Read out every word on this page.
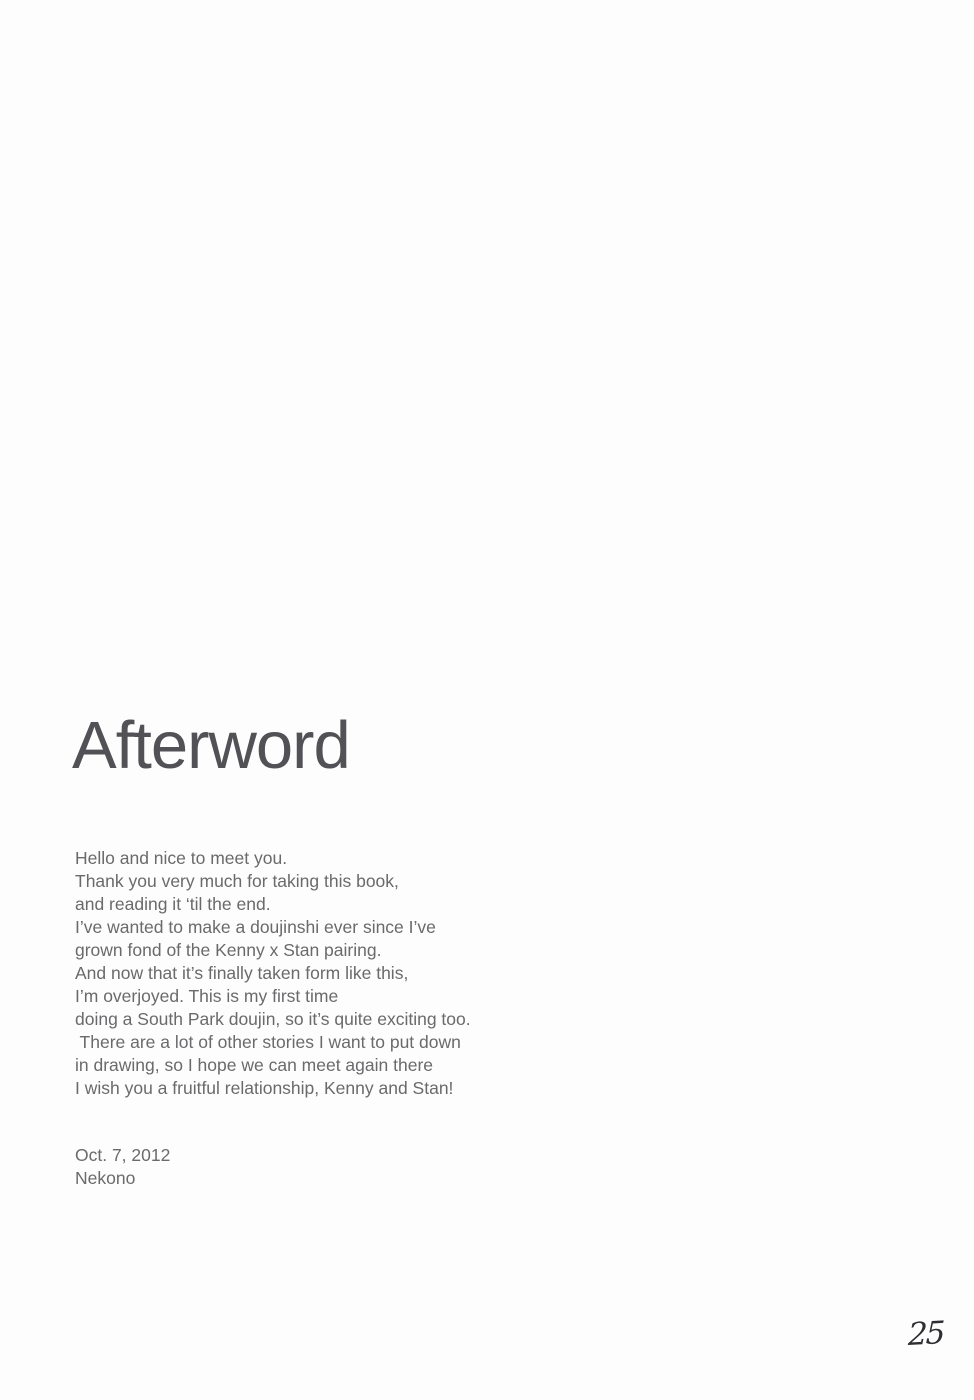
Afterword
Hello and nice to meet you.
Thank you very much for taking this book,
and reading it ‘til the end.
I’ve wanted to make a doujinshi ever since I’ve
grown fond of the Kenny x Stan pairing.
And now that it’s finally taken form like this,
I’m overjoyed. This is my first time
doing a South Park doujin, so it’s quite exciting too.
There are a lot of other stories I want to put down
in drawing, so I hope we can meet again there
I wish you a fruitful relationship, Kenny and Stan!
Oct. 7, 2012
Nekono
25
